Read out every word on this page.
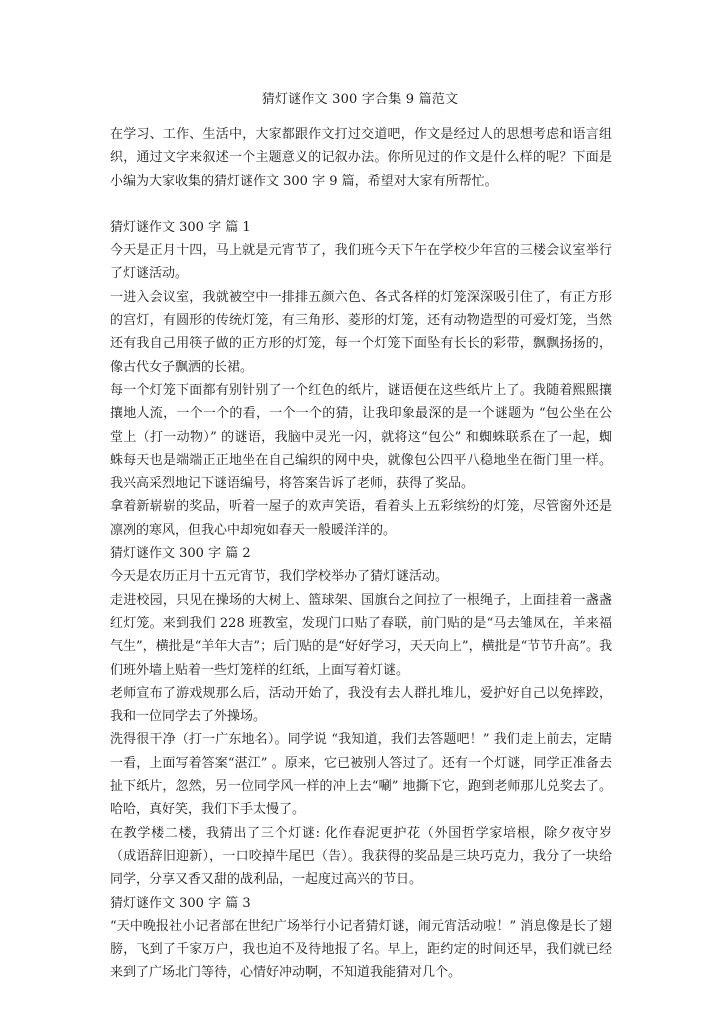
猜灯谜作文 300 字合集 9 篇范文

在学习、工作、生活中，大家都跟作文打过交道吧，作文是经过人的思想考虑和语言组织，通过文字来叙述一个主题意义的记叙办法。你所见过的作文是什么样的呢？下面是小编为大家收集的猜灯谜作文 300 字 9 篇，希望对大家有所帮忙。

猜灯谜作文 300 字 篇 1

今天是正月十四，马上就是元宵节了，我们班今天下午在学校少年宫的三楼会议室举行了灯谜活动。

一进入会议室，我就被空中一排排五颜六色、各式各样的灯笼深深吸引住了，有正方形的宫灯，有圆形的传统灯笼，有三角形、菱形的灯笼，还有动物造型的可爱灯笼，当然还有我自己用筷子做的正方形的灯笼，每一个灯笼下面坠有长长的彩带，飘飘扬扬的，像古代女子飘洒的长裙。

每一个灯笼下面都有别针别了一个红色的纸片，谜语便在这些纸片上了。我随着熙熙攘攘地人流，一个一个的看，一个一个的猜，让我印象最深的是一个谜题为 “包公坐在公堂上（打一动物）” 的谜语，我脑中灵光一闪，就将这“包公” 和蜘蛛联系在了一起，蜘蛛每天也是端端正正地坐在自己编织的网中央，就像包公四平八稳地坐在衙门里一样。我兴高采烈地记下谜语编号，将答案告诉了老师，获得了奖品。

拿着新崭崭的奖品，听着一屋子的欢声笑语，看着头上五彩缤纷的灯笼，尽管窗外还是凛冽的寒风，但我心中却宛如春天一般暖洋洋的。

猜灯谜作文 300 字 篇 2

今天是农历正月十五元宵节，我们学校举办了猜灯谜活动。

走进校园，只见在操场的大树上、篮球架、国旗台之间拉了一根绳子，上面挂着一盏盏红灯笼。来到我们 228 班教室，发现门口贴了春联，前门贴的是“马去雏凤在，羊来福气生”，横批是“羊年大吉”；后门贴的是“好好学习，天天向上”，横批是“节节升高”。我们班外墙上贴着一些灯笼样的红纸，上面写着灯谜。

老师宣布了游戏规那么后，活动开始了，我没有去人群扎堆儿，爱护好自己以免摔跤，我和一位同学去了外操场。

洗得很干净（打一广东地名）。同学说 “我知道，我们去答题吧！” 我们走上前去，定睛一看，上面写着答案“湛江” 。原来，它已被别人答过了。还有一个灯谜，同学正准备去扯下纸片，忽然，另一位同学风一样的冲上去“唰” 地撕下它，跑到老师那儿兑奖去了。哈哈，真好笑，我们下手太慢了。

在教学楼二楼，我猜出了三个灯谜: 化作春泥更护花（外国哲学家培根，除夕夜守岁（成语辞旧迎新），一口咬掉牛尾巴（告）。我获得的奖品是三块巧克力，我分了一块给同学，分享又香又甜的战利品，一起度过高兴的节日。

猜灯谜作文 300 字 篇 3

“天中晚报社小记者部在世纪广场举行小记者猜灯谜，闹元宵活动啦！” 消息像是长了翅膀，飞到了千家万户，我也迫不及待地报了名。早上，距约定的时间还早，我们就已经来到了广场北门等待，心情好冲动啊，不知道我能猜对几个。
